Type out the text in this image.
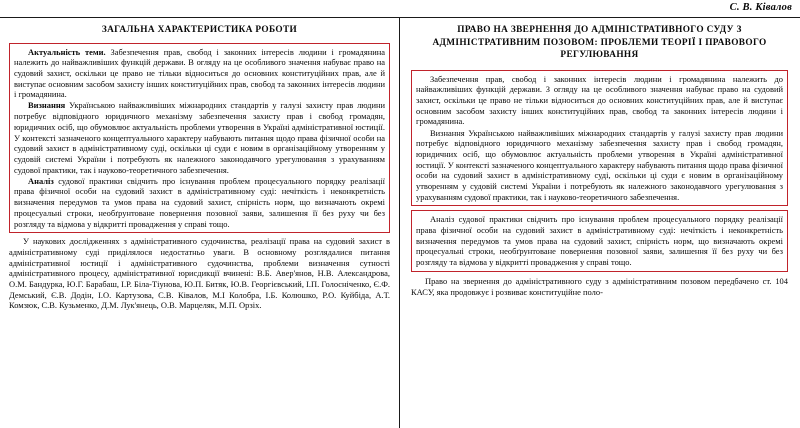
С. В. Ківалов
ЗАГАЛЬНА ХАРАКТЕРИСТИКА РОБОТИ

Актуальність теми. Забезпечення прав, свобод і законних інтересів людини і громадянина належить до найважливіших функцій держави. В огляду на це особливого значення набуває право на судовий захист, оскільки це право не тільки відноситься до основних конституційних прав, але й виступає основним засобом захисту інших конституційних прав, свобод та законних інтересів людини і громадянина.

Визнання Українською найважливіших міжнародних стандартів у галузі захисту прав людини потребує відповідного юридичного механізму забезпечення захисту прав і свобод громадян, юридичних осіб, що обумовлює актуальність проблеми утворення в Україні адміністративної юстиції. У контексті зазначеного концептуального характеру набувають питання щодо права фізичної особи на судовий захист в адміністративному суді, оскільки ці суди є новим в організаційному утворенням у судовій системі України і потребують як належного законодавчого урегулювання з урахуванням судової практики, так і науково-теоретичного забезпечення.

Аналіз судової практики свідчить про існування проблем процесуального порядку реалізації права фізичної особи на судовий захист в адміністративному суді: нечіткість і неконкретність визначення передумов та умов права на судовий захист, спірність норм, що визначають окремі процесуальні строки, необґрунтоване повернення позовної заяви, залишення її без руху чи без розгляду та відмова у відкритті провадження у справі тощо.

У наукових дослідженнях з адміністративного судочинства, реалізації права на судовий захист в адміністративному суді приділялося недостатньо уваги. В основному розглядалися питання адміністративної юстиції і адміністративного судочинства, проблеми визначення сутності адміністративного процесу, адміністративної юрисдикції вчинені: В.Б. Авер'янов, Н.В. Александрова, О.М. Бандурка, Ю.Г. Барабаш, І.Р. Біла-Тіунова, Ю.П. Битяк, Ю.В. Георгієвський, І.П. Голосніченко, Є.Ф. Демський, Є.В. Додін, І.О. Картузова, С.В. Ківалов, М.І Колобра, І.Б. Колюшко, Р.О. Куйбіда, А.Т. Комзюк, С.В. Кузьменко, Д.М. Лук'янець, О.В. Марцеляк, М.П. Орзіх.

ПРАВО НА ЗВЕРНЕННЯ ДО АДМІНІСТРАТИВНОГО СУДУ З АДМІНІСТРАТИВНИМ ПОЗОВОМ: ПРОБЛЕМИ ТЕОРІЇ І ПРАВОВОГО РЕГУЛЮВАННЯ

Забезпечення прав, свобод і законних інтересів людини і громадянина належить до найважливіших функцій держави. З огляду на це особливого значення набуває право на судовий захист, оскільки це право не тільки відноситься до основних конституційних прав, але й виступає основним засобом захисту інших конституційних прав, свобод та законних інтересів людини і громадянина.

Визнання Українською найважливіших міжнародних стандартів у галузі захисту прав людини потребує відповідного юридичного механізму забезпечення захисту прав і свобод громадян, юридичних осіб, що обумовлює актуальність проблеми утворення в Україні адміністративної юстиції. У контексті зазначеного концептуального характеру набувають питання щодо права фізичної особи на судовий захист в адміністративному суді, оскільки ці суди є новим в організаційному утворенням у судовій системі України і потребують як належного законодавчого урегулювання з урахуванням судової практики, так і науково-теоретичного забезпечення.

Аналіз судової практики свідчить про існування проблем процесуального порядку реалізації права фізичної особи на судовий захист в адміністративному суді: нечіткість і неконкретність визначення передумов та умов права на судовий захист, спірність норм, що визначають окремі процесуальні строки, необґрунтоване повернення позовної заяви, залишення її без руху чи без розгляду та відмова у відкритті провадження у справі тощо.

Право на звернення до адміністративного суду з адміністративним позовом передбачено ст. 104 КАСУ, яка продовжує і розвиває конституційне поло-
